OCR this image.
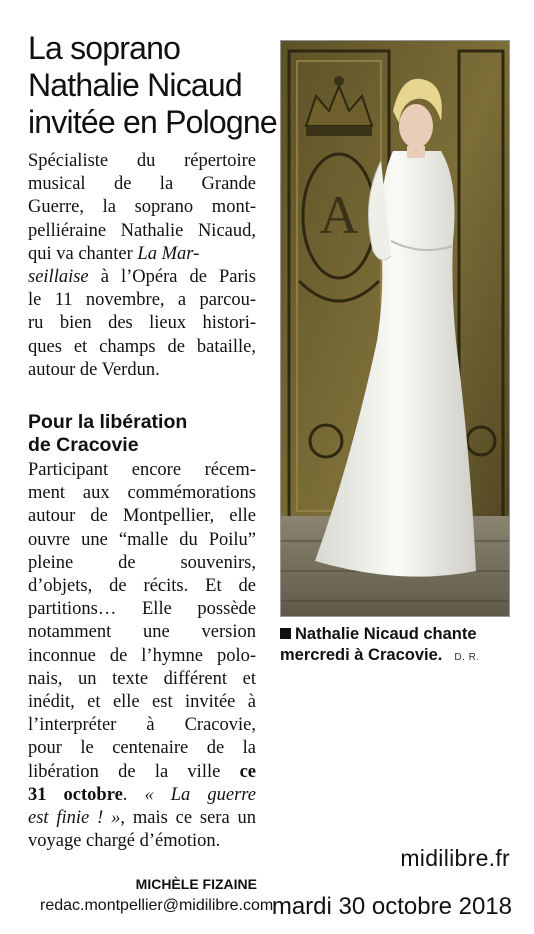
La soprano
Nathalie Nicaud
invitée en Pologne
Spécialiste du répertoire
musical de la Grande
Guerre, la soprano mont-
pelliéraine Nathalie Nicaud,
qui va chanter La Mar-
seillaise à l’Opéra de Paris
le 11 novembre, a parcou-
ru bien des lieux histori-
ques et champs de bataille,
autour de Verdun.
Pour la libération
de Cracovie
Participant encore récem-
ment aux commémorations
autour de Montpellier, elle
ouvre une “malle du Poilu”
pleine de souvenirs,
d’objets, de récits. Et de
partitions… Elle possède
notamment une version
inconnue de l’hymne polo-
nais, un texte différent et
inédit, et elle est invitée à
l’interpréter à Cracovie,
pour le centenaire de la
libération de la ville ce
31 octobre. « La guerre
est finie ! », mais ce sera un
voyage chargé d’émotion.
A
Nathalie Nicaud chante
mercredi à Cracovie. D. R.
midilibre.fr
MICHÈLE FIZAINE
redac.montpellier@midilibre.com
mardi 30 octobre 2018
